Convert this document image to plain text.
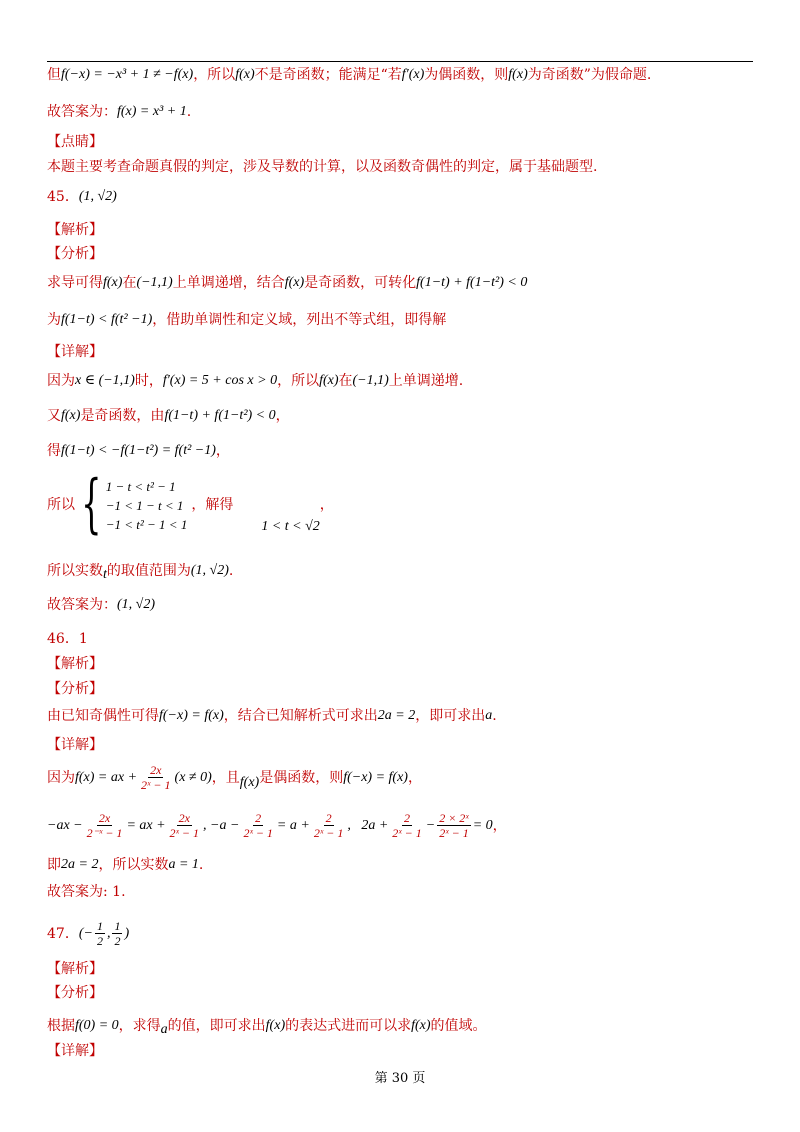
但 f(−x) = −x³ + 1 ≠ −f(x) ，所以 f(x) 不是奇函数；能满足“若 f′(x) 为偶函数，则 f(x) 为奇函数”为假命题.
故答案为： f(x) = x³ + 1 .
【点睛】
本题主要考查命题真假的判定，涉及导数的计算，以及函数奇偶性的判定，属于基础题型.
45． (1, √2)
【解析】
【分析】
求导可得 f(x) 在 (−1,1) 上单调递增，结合 f(x) 是奇函数，可转化 f(1−t) + f(1−t²) < 0
为 f(1−t) < f(t² −1) ，借助单调性和定义域，列出不等式组，即得解
【详解】
因为 x ∈ (−1,1) 时， f′(x) = 5 + cos x > 0 ，所以 f(x) 在 (−1,1) 上单调递增.
又 f(x) 是奇函数，由 f(1−t) + f(1−t²) < 0 ，
得 f(1−t) < −f(1−t²) = f(t² −1) ，
所以 { 1 − t < t² − 1
−1 < 1 − t < 1
−1 < t² − 1 < 1
，解得
1 < t < √2
，
所以实数 t 的取值范围为 (1, √2) .
故答案为： (1, √2)
46．1
【解析】
【分析】
由已知奇偶性可得 f(−x) = f(x) ，结合已知解析式可求出 2a = 2 ，即可求出 a .
【详解】
因为 f(x) = ax + $\frac{2x}{\text{2ˣ − 1}} (x \ne 0)$ ，且 f(x) 是偶函数，则 f(−x) = f(x) ，
$-ax - \frac{2x}{\text{2⁻ˣ − 1}}$ = ax + $\frac{2x}{\text{2ˣ − 1}}$ , $-a - \frac{2}{\text{2ˣ − 1}} = a + \frac{2}{\text{2ˣ − 1}}$ ,   $2a + \frac{2}{\text{2ˣ − 1}} - \frac{\text{2 × 2ˣ}}{\text{2ˣ − 1}} = 0$ ，
即 2a = 2 ，所以实数 a = 1 .
故答案为: 1.
47． (− $\frac{1}{2}$ , $\frac{1}{2}$ )
【解析】
【分析】
根据 f(0) = 0 ，求得 a 的值，即可求出 f(x) 的表达式进而可以求 f(x) 的值域。
【详解】
第 30 页
